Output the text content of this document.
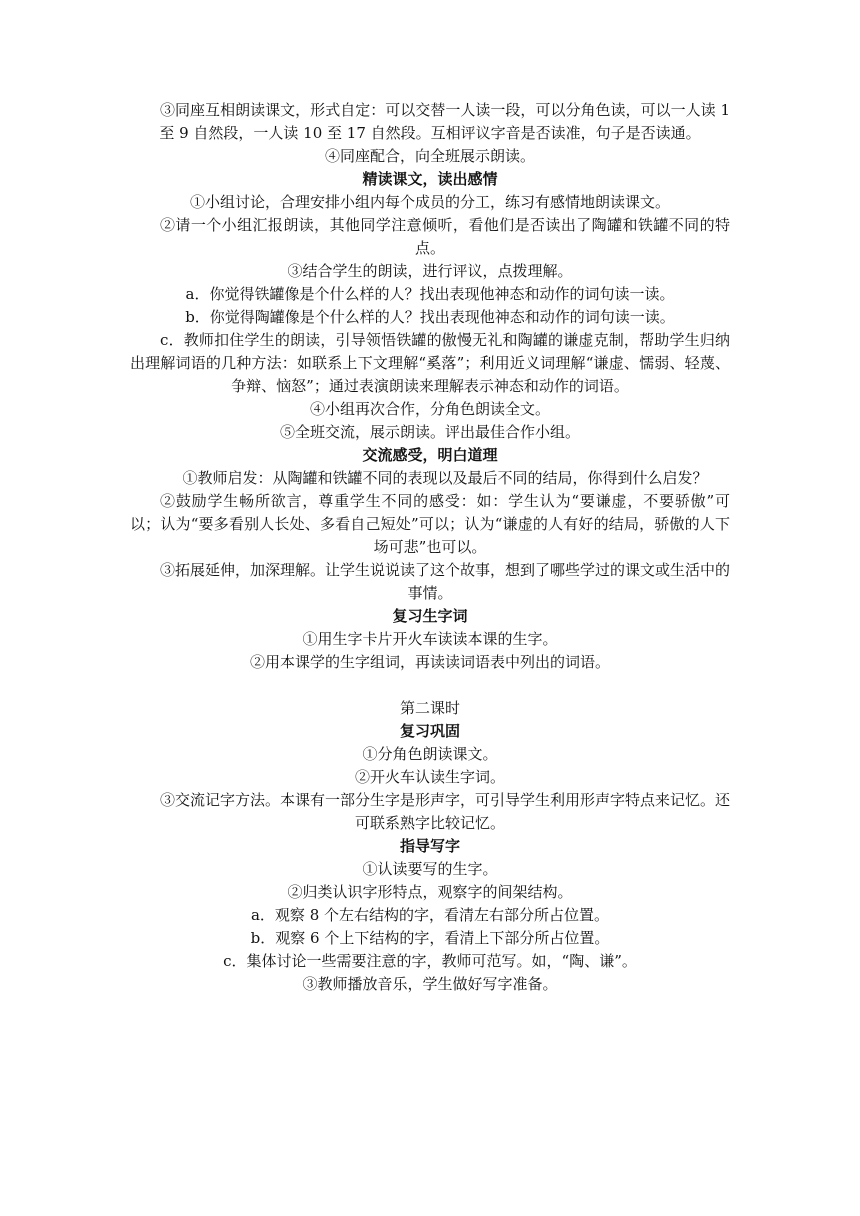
③同座互相朗读课文，形式自定：可以交替一人读一段，可以分角色读，可以一人读 1 至 9 自然段，一人读 10 至 17 自然段。互相评议字音是否读准，句子是否读通。

④同座配合，向全班展示朗读。

精读课文，读出感情

①小组讨论，合理安排小组内每个成员的分工，练习有感情地朗读课文。

②请一个小组汇报朗读，其他同学注意倾听，看他们是否读出了陶罐和铁罐不同的特点。

③结合学生的朗读，进行评议，点拨理解。

a．你觉得铁罐像是个什么样的人？找出表现他神态和动作的词句读一读。

b．你觉得陶罐像是个什么样的人？找出表现他神态和动作的词句读一读。

c．教师扣住学生的朗读，引导领悟铁罐的傲慢无礼和陶罐的谦虚克制，帮助学生归纳出理解词语的几种方法：如联系上下文理解“奚落”；利用近义词理解“谦虚、懦弱、轻蔑、争辩、恼怒”；通过表演朗读来理解表示神态和动作的词语。

④小组再次合作，分角色朗读全文。

⑤全班交流，展示朗读。评出最佳合作小组。

交流感受，明白道理

①教师启发：从陶罐和铁罐不同的表现以及最后不同的结局，你得到什么启发？

②鼓励学生畅所欲言，尊重学生不同的感受：如：学生认为“要谦虚，不要骄傲”可以；认为“要多看别人长处、多看自己短处”可以；认为“谦虚的人有好的结局，骄傲的人下场可悲”也可以。

③拓展延伸，加深理解。让学生说说读了这个故事，想到了哪些学过的课文或生活中的事情。

复习生字词

①用生字卡片开火车读读本课的生字。

②用本课学的生字组词，再读读词语表中列出的词语。

第二课时

复习巩固

①分角色朗读课文。

②开火车认读生字词。

③交流记字方法。本课有一部分生字是形声字，可引导学生利用形声字特点来记忆。还可联系熟字比较记忆。

指导写字

①认读要写的生字。

②归类认识字形特点，观察字的间架结构。

a．观察 8 个左右结构的字，看清左右部分所占位置。

b．观察 6 个上下结构的字，看清上下部分所占位置。

c．集体讨论一些需要注意的字，教师可范写。如，“陶、谦”。

③教师播放音乐，学生做好写字准备。
